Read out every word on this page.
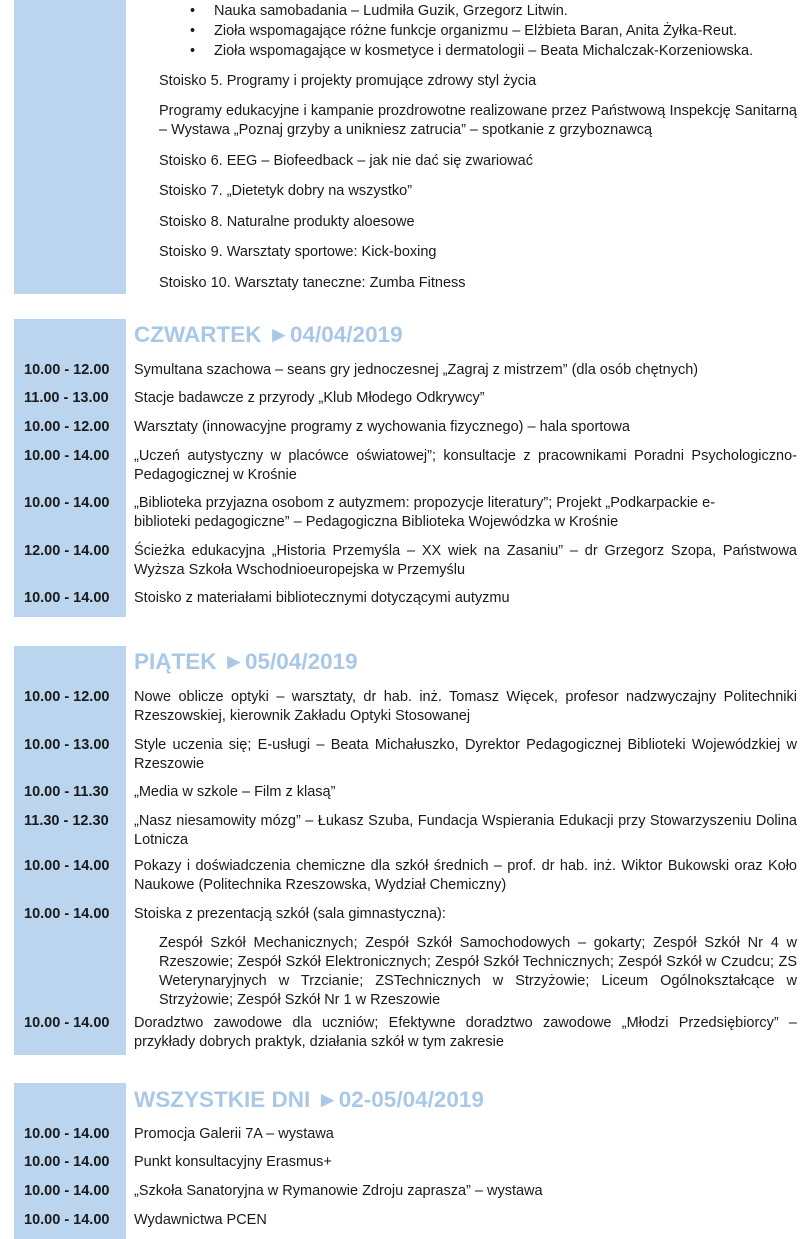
• Nauka samobadania – Ludmiła Guzik, Grzegorz Litwin.
• Zioła wspomagające różne funkcje organizmu – Elżbieta Baran, Anita Żyłka-Reut.
• Zioła wspomagające w kosmetyce i dermatologii – Beata Michalczak-Korzeniowska.
Stoisko 5. Programy i projekty promujące zdrowy styl życia
Programy edukacyjne i kampanie prozdrowotne realizowane przez Państwową Inspekcję Sanitarną – Wystawa „Poznaj grzyby a unikniesz zatrucia” – spotkanie z grzyboznawcą
Stoisko 6. EEG – Biofeedback – jak nie dać się zwariować
Stoisko 7. „Dietetyk dobry na wszystko”
Stoisko 8. Naturalne produkty aloesowe
Stoisko 9. Warsztaty sportowe: Kick-boxing
Stoisko 10. Warsztaty taneczne: Zumba Fitness
CZWARTEK ►04/04/2019
10.00 - 12.00	Symultana szachowa – seans gry jednoczesnej „Zagraj z mistrzem” (dla osób chętnych)
11.00 - 13.00	Stacje badawcze z przyrody „Klub Młodego Odkrywcy”
10.00 - 12.00	Warsztaty (innowacyjne programy z wychowania fizycznego) – hala sportowa
10.00 - 14.00	„Uczeń autystyczny w placówce oświatowej”; konsultacje z pracownikami Poradni Psychologiczno-Pedagogicznej w Krośnie
10.00 - 14.00	„Biblioteka przyjazna osobom z autyzmem: propozycje literatury”; Projekt „Podkarpackie e-biblioteki pedagogiczne” – Pedagogiczna Biblioteka Wojewódzka w Krośnie
12.00 - 14.00	Ścieżka edukacyjna „Historia Przemyśla – XX wiek na Zasaniu” – dr Grzegorz Szopa, Państwowa Wyższa Szkoła Wschodnioeuropejska w Przemyślu
10.00 - 14.00	Stoisko z materiałami bibliotecznymi dotyczącymi autyzmu
PIĄTEK ►05/04/2019
10.00 - 12.00	Nowe oblicze optyki – warsztaty, dr hab. inż. Tomasz Więcek, profesor nadzwyczajny Politechniki Rzeszowskiej, kierownik Zakładu Optyki Stosowanej
10.00 - 13.00	Style uczenia się; E-usługi – Beata Michałuszko, Dyrektor Pedagogicznej Biblioteki Wojewódzkiej w Rzeszowie
10.00 - 11.30	„Media w szkole – Film z klasą”
11.30 - 12.30	„Nasz niesamowity mózg” – Łukasz Szuba, Fundacja Wspierania Edukacji przy Stowarzyszeniu Dolina Lotnicza
10.00 - 14.00	Pokazy i doświadczenia chemiczne dla szkół średnich – prof. dr hab. inż. Wiktor Bukowski oraz Koło Naukowe (Politechnika Rzeszowska, Wydział Chemiczny)
10.00 - 14.00	Stoiska z prezentacją szkół (sala gimnastyczna):
Zespół Szkół Mechanicznych; Zespół Szkół Samochodowych – gokarty; Zespół Szkół Nr 4 w Rzeszowie; Zespół Szkół Elektronicznych; Zespół Szkół Technicznych; Zespół Szkół w Czudcu; ZS Weterynaryjnych w Trzcianie; ZSTechnicznych w Strzyżowie; Liceum Ogólnokształcące w Strzyżowie; Zespół Szkół Nr 1 w Rzeszowie
10.00 - 14.00	Doradztwo zawodowe dla uczniów; Efektywne doradztwo zawodowe „Młodzi Przedsiębiorcy” – przykłady dobrych praktyk, działania szkół w tym zakresie
WSZYSTKIE DNI ►02-05/04/2019
10.00 - 14.00	Promocja Galerii 7A – wystawa
10.00 - 14.00	Punkt konsultacyjny Erasmus+
10.00 - 14.00	„Szkoła Sanatoryjna w Rymanowie Zdroju zaprasza” – wystawa
10.00 - 14.00	Wydawnictwa PCEN
